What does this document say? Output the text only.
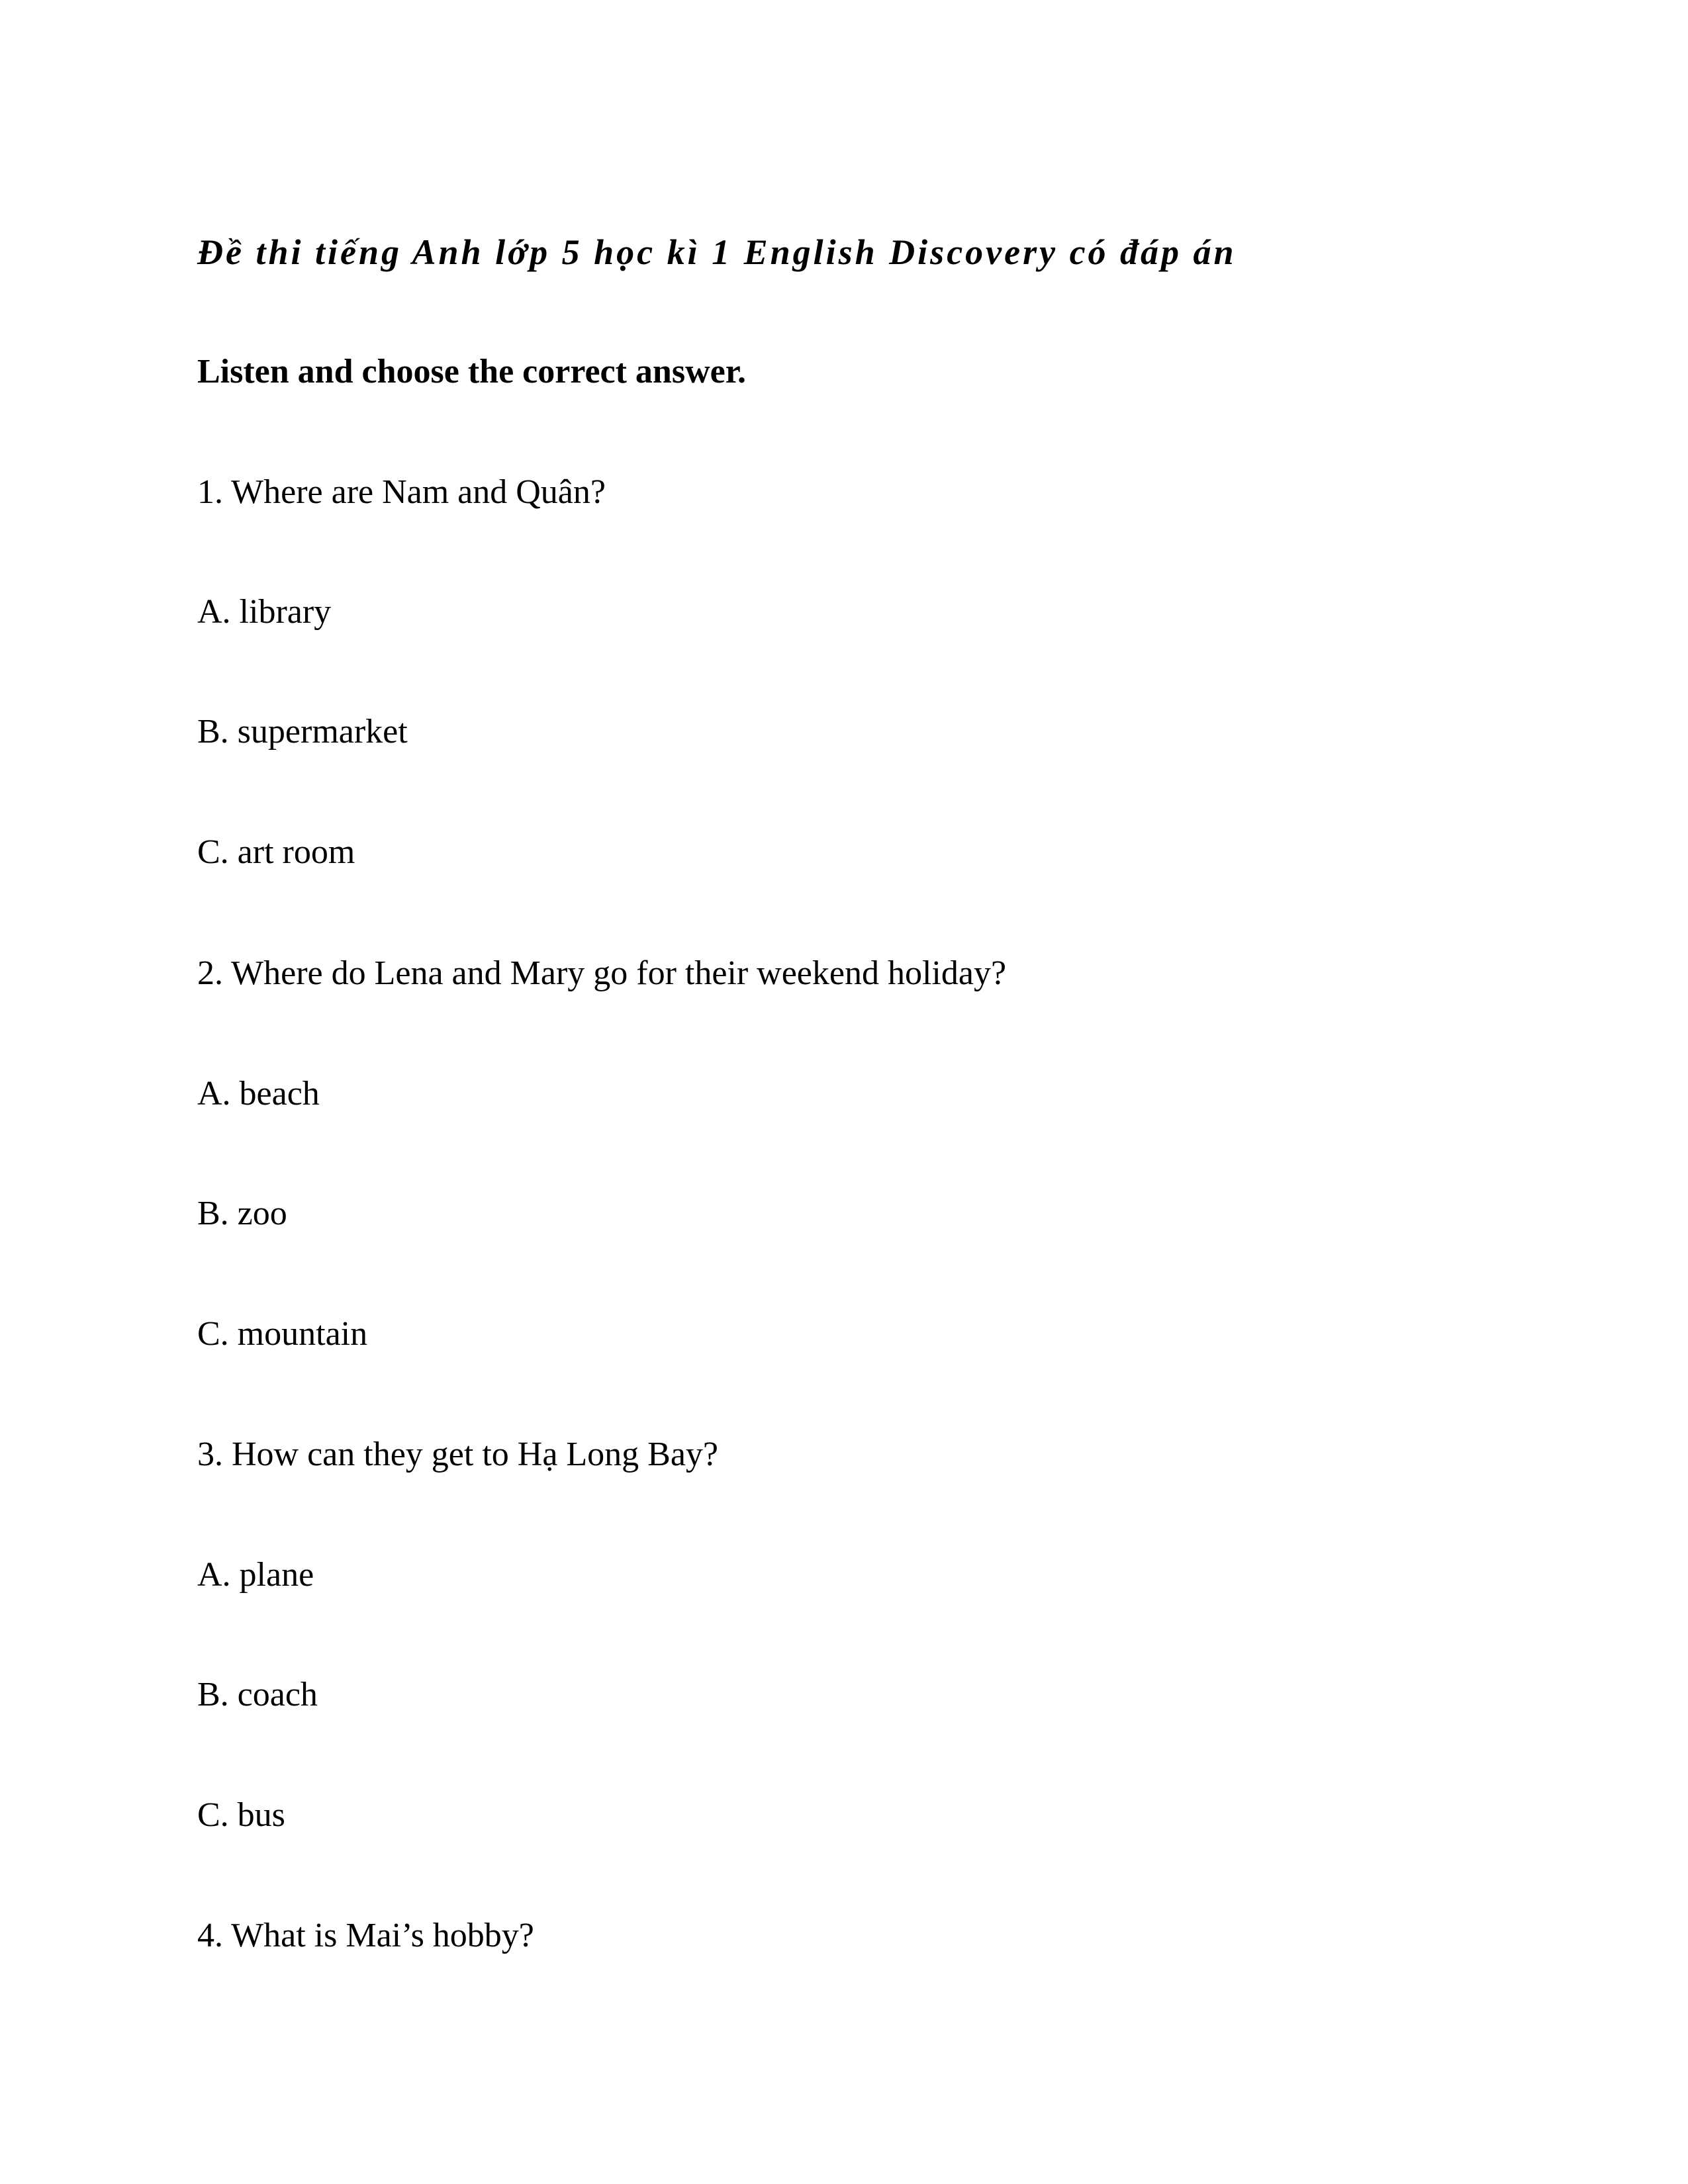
Đề thi tiếng Anh lớp 5 học kì 1 English Discovery có đáp án

Listen and choose the correct answer.

1. Where are Nam and Quân?

A. library

B. supermarket

C. art room

2. Where do Lena and Mary go for their weekend holiday?

A. beach

B. zoo

C. mountain

3. How can they get to Hạ Long Bay?

A. plane

B. coach

C. bus

4. What is Mai’s hobby?
